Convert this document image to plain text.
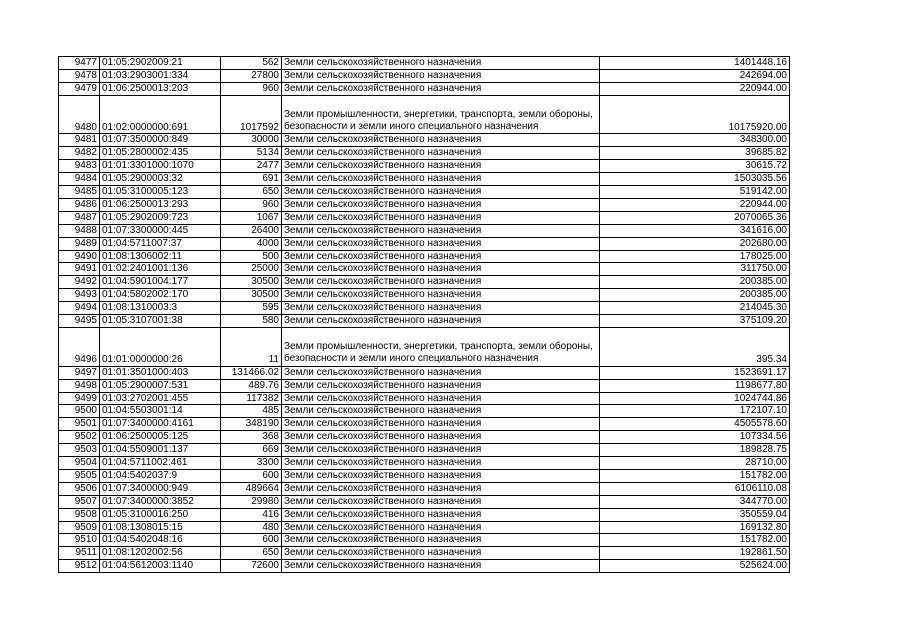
9477	01:05:2902009:21	562	Земли сельскохозяйственного назначения	1401448.16
9478	01:03:2903001:334	27800	Земли сельскохозяйственного назначения	242694.00
9479	01:06:2500013:203	960	Земли сельскохозяйственного назначения	220944.00
9480	01:02:0000000:691	1017592	Земли промышленности, энергетики, транспорта, земли обороны, безопасности и земли иного специального назначения	10175920.00
9481	01:07:3500000:849	30000	Земли сельскохозяйственного назначения	348300.00
9482	01:05:2800002:435	5134	Земли сельскохозяйственного назначения	39685.82
9483	01:01:3301000:1070	2477	Земли сельскохозяйственного назначения	30615.72
9484	01:05:2900003:32	691	Земли сельскохозяйственного назначения	1503035.56
9485	01:05:3100005:123	650	Земли сельскохозяйственного назначения	519142.00
9486	01:06:2500013:293	960	Земли сельскохозяйственного назначения	220944.00
9487	01:05:2902009:723	1067	Земли сельскохозяйственного назначения	2070065.36
9488	01:07:3300000:445	26400	Земли сельскохозяйственного назначения	341616.00
9489	01:04:5711007:37	4000	Земли сельскохозяйственного назначения	202680.00
9490	01:08:1306002:11	500	Земли сельскохозяйственного назначения	178025.00
9491	01:02:2401001:136	25000	Земли сельскохозяйственного назначения	311750.00
9492	01:04:5901004:177	30500	Земли сельскохозяйственного назначения	200385.00
9493	01:04:5802002:170	30500	Земли сельскохозяйственного назначения	200385.00
9494	01:08:1310003:3	595	Земли сельскохозяйственного назначения	214045.30
9495	01:05:3107001:38	580	Земли сельскохозяйственного назначения	375109.20
9496	01:01:0000000:26	11	Земли промышленности, энергетики, транспорта, земли обороны, безопасности и земли иного специального назначения	395.34
9497	01:01:3501000:403	131466.02	Земли сельскохозяйственного назначения	1523691.17
9498	01:05:2900007:531	489.76	Земли сельскохозяйственного назначения	1198677.80
9499	01:03:2702001:455	117382	Земли сельскохозяйственного назначения	1024744.86
9500	01:04:5503001:14	485	Земли сельскохозяйственного назначения	172107.10
9501	01:07:3400000:4161	348190	Земли сельскохозяйственного назначения	4505578.60
9502	01:06:2500005:125	368	Земли сельскохозяйственного назначения	107334.56
9503	01:04:5509001:137	669	Земли сельскохозяйственного назначения	189828.75
9504	01:04:5711002:461	3300	Земли сельскохозяйственного назначения	28710.00
9505	01:04:5402037:9	600	Земли сельскохозяйственного назначения	151782.00
9506	01:07:3400000:949	489664	Земли сельскохозяйственного назначения	6106110.08
9507	01:07:3400000:3852	29980	Земли сельскохозяйственного назначения	344770.00
9508	01:05:3100016:250	416	Земли сельскохозяйственного назначения	350559.04
9509	01:08:1308015:15	480	Земли сельскохозяйственного назначения	169132.80
9510	01:04:5402048:16	600	Земли сельскохозяйственного назначения	151782.00
9511	01:08:1202002:56	650	Земли сельскохозяйственного назначения	192861.50
9512	01:04:5612003:1140	72600	Земли сельскохозяйственного назначения	525624.00
